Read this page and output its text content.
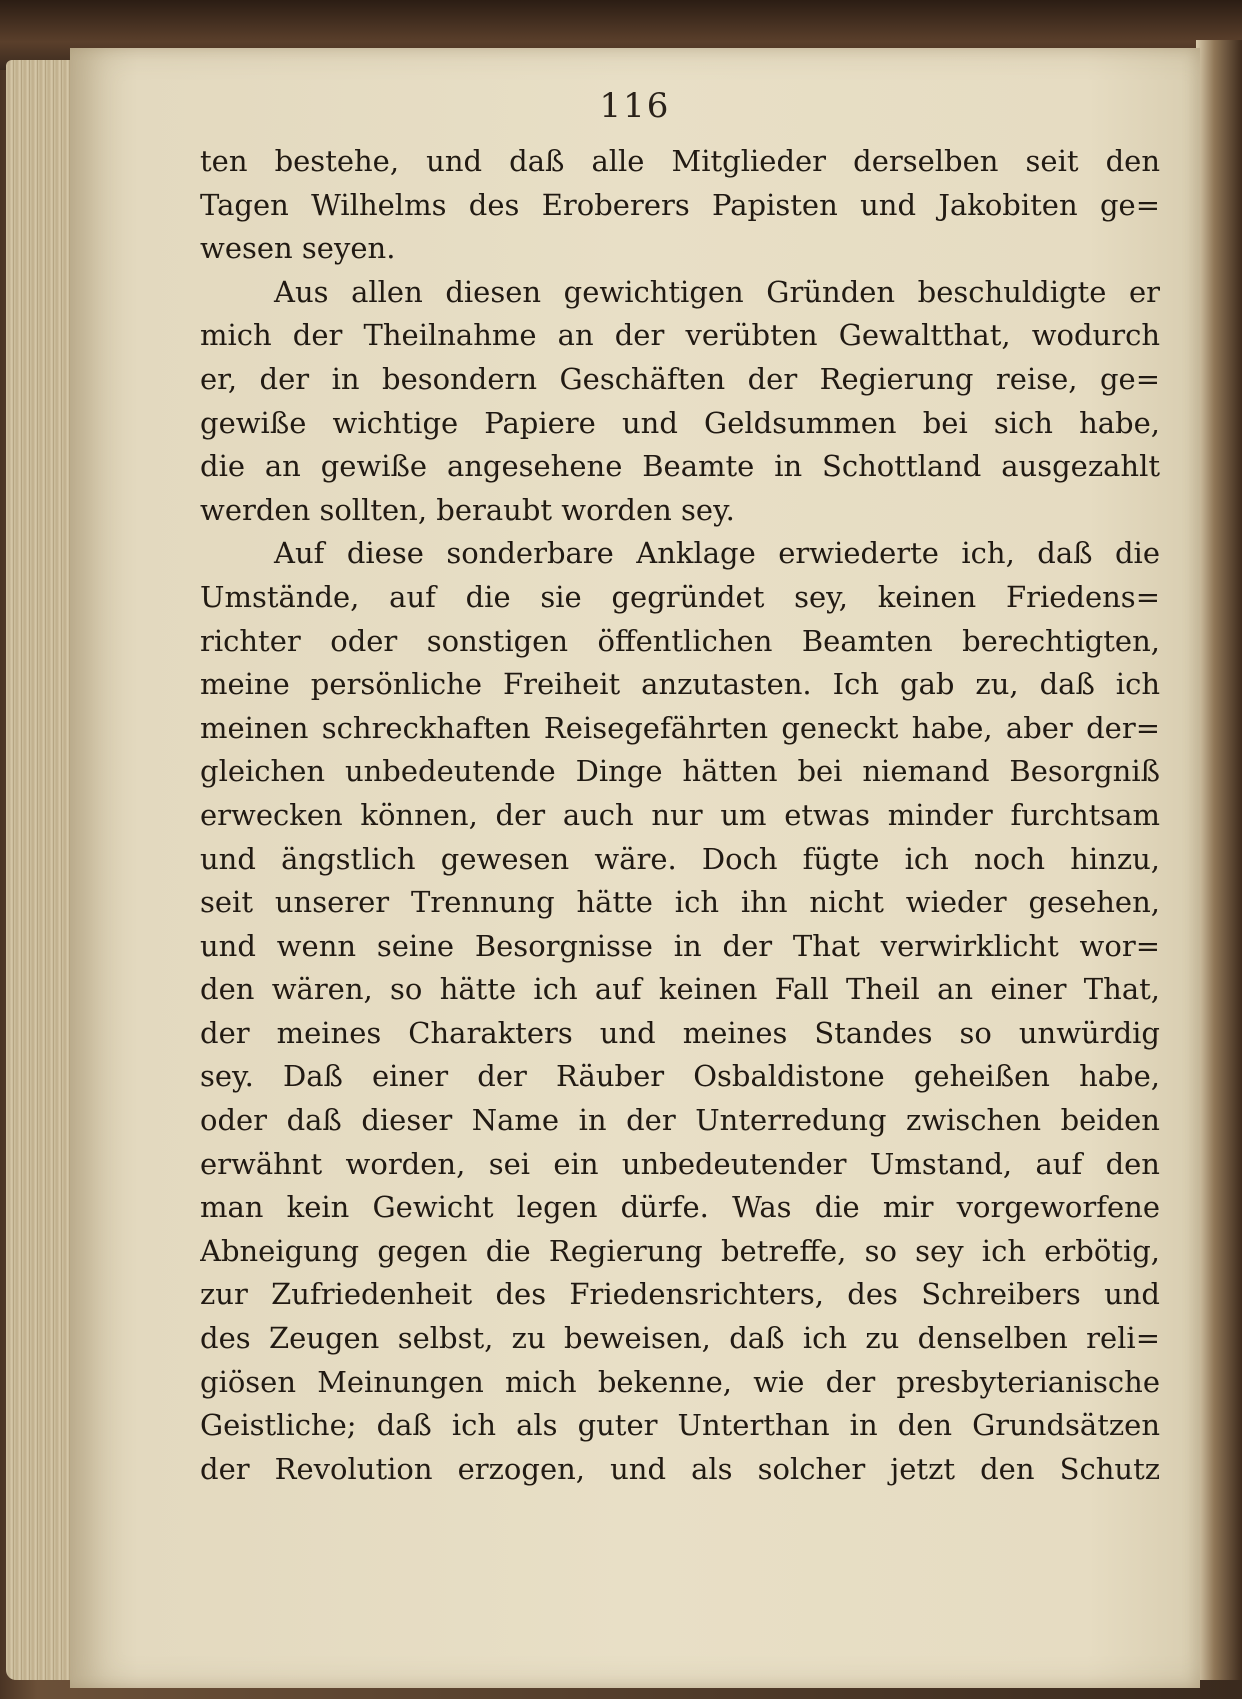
116
ten bestehe, und daß alle Mitglieder derselben seit den
Tagen Wilhelms des Eroberers Papisten und Jakobiten ge=
wesen seyen.
Aus allen diesen gewichtigen Gründen beschuldigte er
mich der Theilnahme an der verübten Gewaltthat, wodurch
er, der in besondern Geschäften der Regierung reise, ge=
gewiße wichtige Papiere und Geldsummen bei sich habe,
die an gewiße angesehene Beamte in Schottland ausgezahlt
werden sollten, beraubt worden sey.
Auf diese sonderbare Anklage erwiederte ich, daß die
Umstände, auf die sie gegründet sey, keinen Friedens=
richter oder sonstigen öffentlichen Beamten berechtigten,
meine persönliche Freiheit anzutasten. Ich gab zu, daß ich
meinen schreckhaften Reisegefährten geneckt habe, aber der=
gleichen unbedeutende Dinge hätten bei niemand Besorgniß
erwecken können, der auch nur um etwas minder furchtsam
und ängstlich gewesen wäre. Doch fügte ich noch hinzu,
seit unserer Trennung hätte ich ihn nicht wieder gesehen,
und wenn seine Besorgnisse in der That verwirklicht wor=
den wären, so hätte ich auf keinen Fall Theil an einer That,
der meines Charakters und meines Standes so unwürdig
sey. Daß einer der Räuber Osbaldistone geheißen habe,
oder daß dieser Name in der Unterredung zwischen beiden
erwähnt worden, sei ein unbedeutender Umstand, auf den
man kein Gewicht legen dürfe. Was die mir vorgeworfene
Abneigung gegen die Regierung betreffe, so sey ich erbötig,
zur Zufriedenheit des Friedensrichters, des Schreibers und
des Zeugen selbst, zu beweisen, daß ich zu denselben reli=
giösen Meinungen mich bekenne, wie der presbyterianische
Geistliche; daß ich als guter Unterthan in den Grundsätzen
der Revolution erzogen, und als solcher jetzt den Schutz
